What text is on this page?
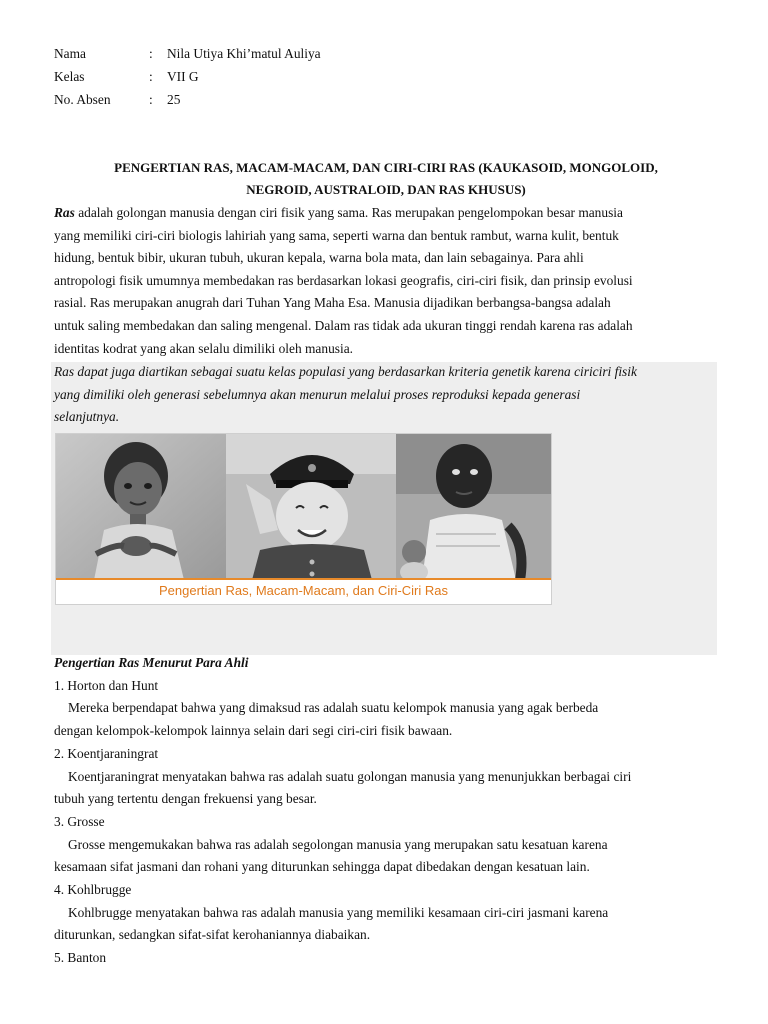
Nama	: Nila Utiya Khi’matul Auliya
Kelas	: VII G
No. Absen	: 25
PENGERTIAN RAS, MACAM-MACAM, DAN CIRI-CIRI RAS (KAUKASOID, MONGOLOID,
NEGROID, AUSTRALOID, DAN RAS KHUSUS)

Ras adalah golongan manusia dengan ciri fisik yang sama. Ras merupakan pengelompokan besar manusia

yang memiliki ciri-ciri biologis lahiriah yang sama, seperti warna dan bentuk rambut, warna kulit, bentuk

hidung, bentuk bibir, ukuran tubuh, ukuran kepala, warna bola mata, dan lain sebagainya. Para ahli

antropologi fisik umumnya membedakan ras berdasarkan lokasi geografis, ciri-ciri fisik, dan prinsip evolusi

rasial. Ras merupakan anugrah dari Tuhan Yang Maha Esa. Manusia dijadikan berbangsa-bangsa adalah

untuk saling membedakan dan saling mengenal. Dalam ras tidak ada ukuran tinggi rendah karena ras adalah

identitas kodrat yang akan selalu dimiliki oleh manusia.

Ras dapat juga diartikan sebagai suatu kelas populasi yang berdasarkan kriteria genetik karena ciriciri fisik

yang dimiliki oleh generasi sebelumnya akan menurun melalui proses reproduksi kepada generasi

selanjutnya.

Pengertian Ras, Macam-Macam, dan Ciri-Ciri Ras
Pengertian Ras Menurut Para Ahli
1. Horton dan Hunt
Mereka berpendapat bahwa yang dimaksud ras adalah suatu kelompok manusia yang agak berbeda
dengan kelompok-kelompok lainnya selain dari segi ciri-ciri fisik bawaan.
2. Koentjaraningrat
Koentjaraningrat menyatakan bahwa ras adalah suatu golongan manusia yang menunjukkan berbagai ciri
tubuh yang tertentu dengan frekuensi yang besar.
3. Grosse
Grosse mengemukakan bahwa ras adalah segolongan manusia yang merupakan satu kesatuan karena
kesamaan sifat jasmani dan rohani yang diturunkan sehingga dapat dibedakan dengan kesatuan lain.
4. Kohlbrugge
Kohlbrugge menyatakan bahwa ras adalah manusia yang memiliki kesamaan ciri-ciri jasmani karena
diturunkan, sedangkan sifat-sifat kerohaniannya diabaikan.
5. Banton
